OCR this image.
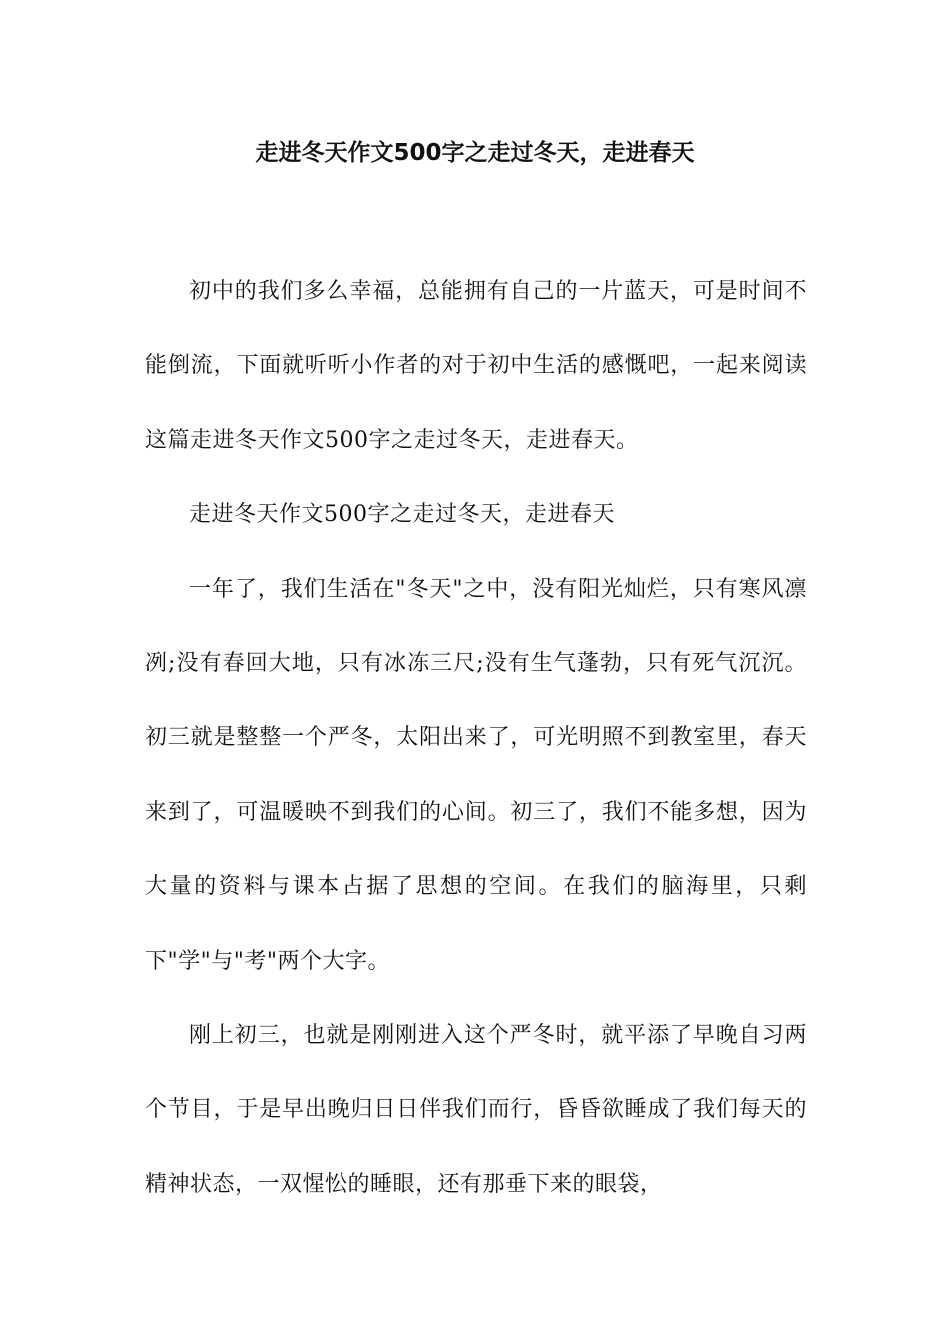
走进冬天作文500字之走过冬天，走进春天

初中的我们多么幸福，总能拥有自己的一片蓝天，可是时间不能倒流，下面就听听小作者的对于初中生活的感慨吧，一起来阅读这篇走进冬天作文500字之走过冬天，走进春天。

走进冬天作文500字之走过冬天，走进春天

一年了，我们生活在"冬天"之中，没有阳光灿烂，只有寒风凛冽;没有春回大地，只有冰冻三尺;没有生气蓬勃，只有死气沉沉。初三就是整整一个严冬，太阳出来了，可光明照不到教室里，春天来到了，可温暖映不到我们的心间。初三了，我们不能多想，因为大量的资料与课本占据了思想的空间。在我们的脑海里，只剩下"学"与"考"两个大字。

刚上初三，也就是刚刚进入这个严冬时，就平添了早晚自习两个节目，于是早出晚归日日伴我们而行，昏昏欲睡成了我们每天的精神状态，一双惺忪的睡眼，还有那垂下来的眼袋，
